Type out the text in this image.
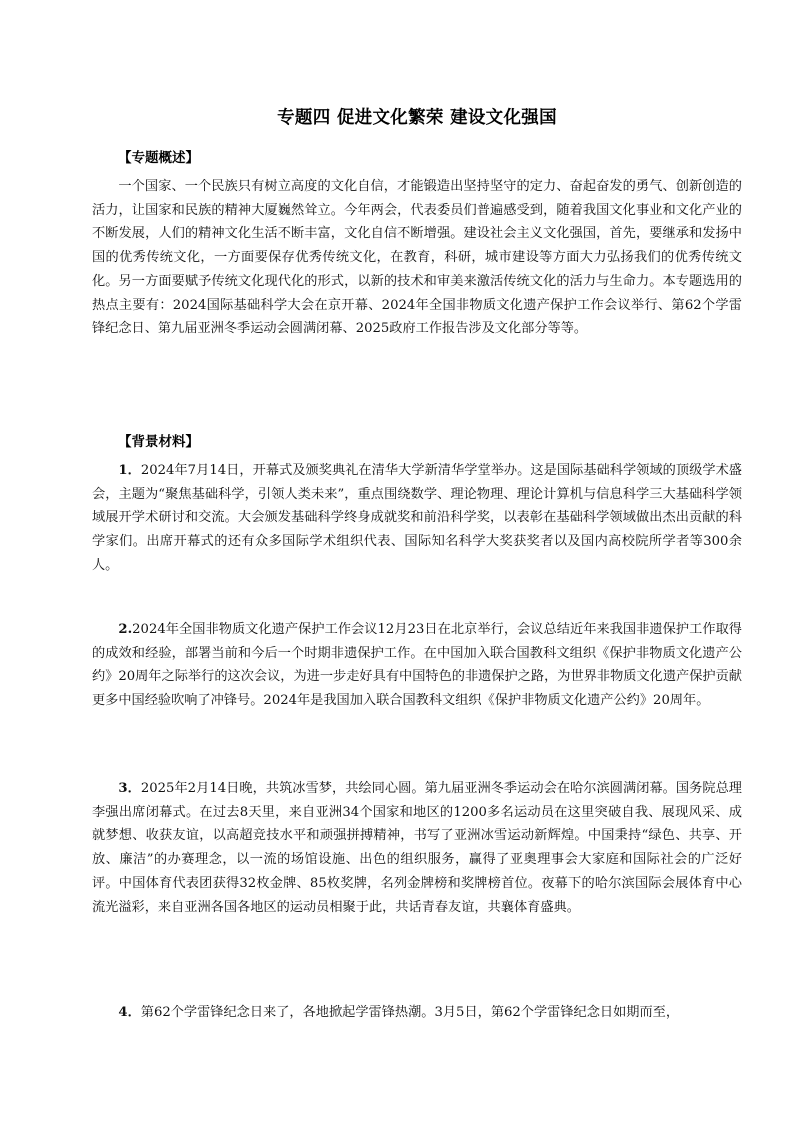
专题四 促进文化繁荣 建设文化强国
【专题概述】

一个国家、一个民族只有树立高度的文化自信，才能锻造出坚持坚守的定力、奋起奋发的勇气、创新创造的活力，让国家和民族的精神大厦巍然耸立。今年两会，代表委员们普遍感受到，随着我国文化事业和文化产业的不断发展，人们的精神文化生活不断丰富，文化自信不断增强。建设社会主义文化强国，首先，要继承和发扬中国的优秀传统文化，一方面要保存优秀传统文化，在教育，科研，城市建设等方面大力弘扬我们的优秀传统文化。另一方面要赋予传统文化现代化的形式，以新的技术和审美来激活传统文化的活力与生命力。本专题选用的热点主要有：2024国际基础科学大会在京开幕、2024年全国非物质文化遗产保护工作会议举行、第62个学雷锋纪念日、第九届亚洲冬季运动会圆满闭幕、2025政府工作报告涉及文化部分等等。

【背景材料】

1．2024年7月14日，开幕式及颁奖典礼在清华大学新清华学堂举办。这是国际基础科学领域的顶级学术盛会，主题为“聚焦基础科学，引领人类未来”，重点围绕数学、理论物理、理论计算机与信息科学三大基础科学领域展开学术研讨和交流。大会颁发基础科学终身成就奖和前沿科学奖，以表彰在基础科学领域做出杰出贡献的科学家们。出席开幕式的还有众多国际学术组织代表、国际知名科学大奖获奖者以及国内高校院所学者等300余人。

2.2024年全国非物质文化遗产保护工作会议12月23日在北京举行，会议总结近年来我国非遗保护工作取得的成效和经验，部署当前和今后一个时期非遗保护工作。在中国加入联合国教科文组织《保护非物质文化遗产公约》20周年之际举行的这次会议，为进一步走好具有中国特色的非遗保护之路，为世界非物质文化遗产保护贡献更多中国经验吹响了冲锋号。2024年是我国加入联合国教科文组织《保护非物质文化遗产公约》20周年。

3．2025年2月14日晚，共筑冰雪梦，共绘同心圆。第九届亚洲冬季运动会在哈尔滨圆满闭幕。国务院总理李强出席闭幕式。在过去8天里，来自亚洲34个国家和地区的1200多名运动员在这里突破自我、展现风采、成就梦想、收获友谊，以高超竞技水平和顽强拼搏精神，书写了亚洲冰雪运动新辉煌。中国秉持“绿色、共享、开放、廉洁”的办赛理念，以一流的场馆设施、出色的组织服务，赢得了亚奥理事会大家庭和国际社会的广泛好评。中国体育代表团获得32枚金牌、85枚奖牌，名列金牌榜和奖牌榜首位。夜幕下的哈尔滨国际会展体育中心流光溢彩，来自亚洲各国各地区的运动员相聚于此，共话青春友谊，共襄体育盛典。

4．第62个学雷锋纪念日来了，各地掀起学雷锋热潮。3月5日，第62个学雷锋纪念日如期而至，
